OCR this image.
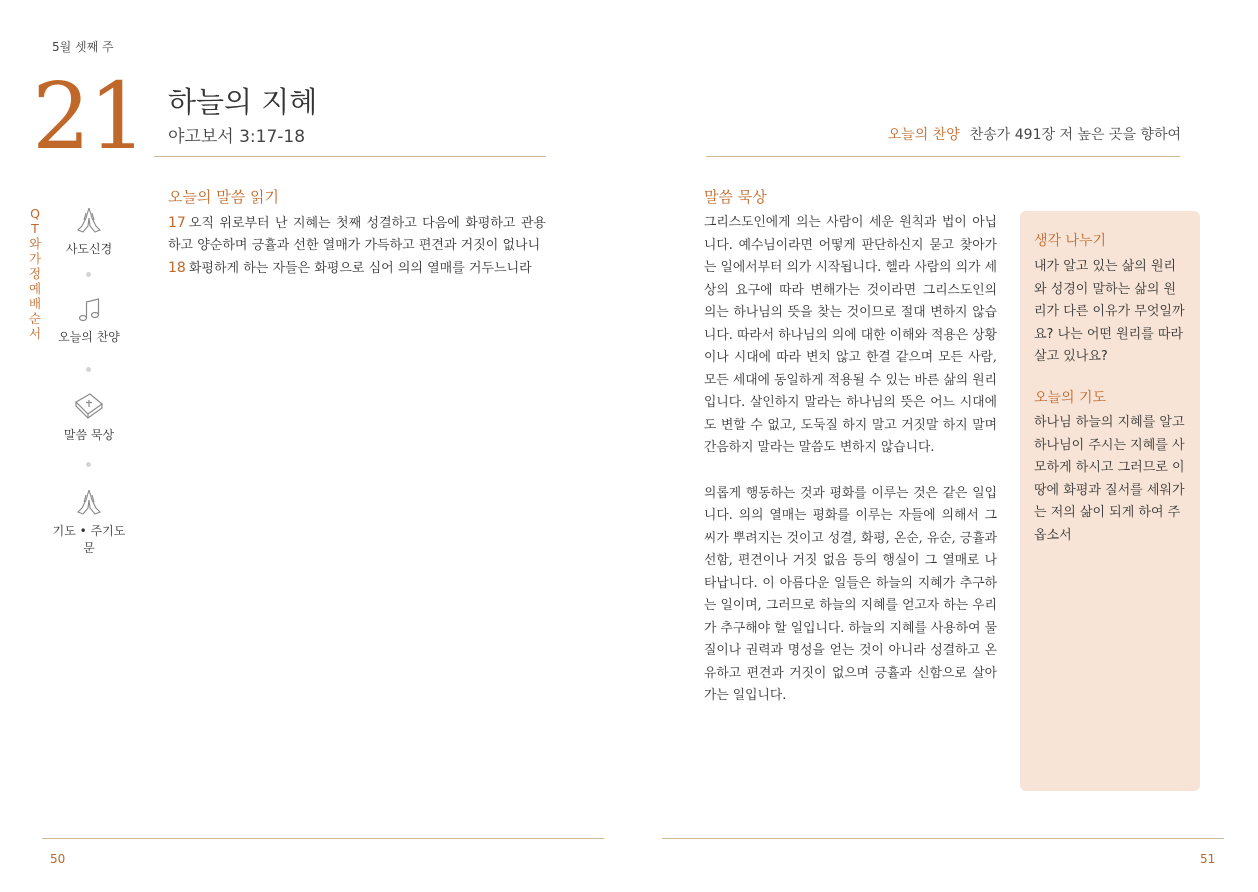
5월 셋째 주
21 하늘의 지혜
야고보서 3:17-18	오늘의 찬양 찬송가 491장 저 높은 곳을 향하여
QT와 가정예배 순서
사도신경
오늘의 찬양
말씀 묵상
기도 • 주기도문
오늘의 말씀 읽기
17 오직 위로부터 난 지혜는 첫째 성결하고 다음에 화평하고 관용하고 양순하며 긍휼과 선한 열매가 가득하고 편견과 거짓이 없나니
18 화평하게 하는 자들은 화평으로 심어 의의 열매를 거두느니라
말씀 묵상

그리스도인에게 의는 사람이 세운 원칙과 법이 아닙니다. 예수님이라면 어떻게 판단하신지 묻고 찾아가는 일에서부터 의가 시작됩니다. 헬라 사람의 의가 세상의 요구에 따라 변해가는 것이라면 그리스도인의 의는 하나님의 뜻을 찾는 것이므로 절대 변하지 않습니다. 따라서 하나님의 의에 대한 이해와 적용은 상황이나 시대에 따라 변치 않고 한결 같으며 모든 사람, 모든 세대에 동일하게 적용될 수 있는 바른 삶의 원리입니다. 살인하지 말라는 하나님의 뜻은 어느 시대에도 변할 수 없고, 도둑질 하지 말고 거짓말 하지 말며 간음하지 말라는 말씀도 변하지 않습니다.

의롭게 행동하는 것과 평화를 이루는 것은 같은 일입니다. 의의 열매는 평화를 이루는 자들에 의해서 그 씨가 뿌려지는 것이고 성결, 화평, 온순, 유순, 긍휼과 선함, 편견이나 거짓 없음 등의 행실이 그 열매로 나타납니다. 이 아름다운 일들은 하늘의 지혜가 추구하는 일이며, 그러므로 하늘의 지혜를 얻고자 하는 우리가 추구해야 할 일입니다. 하늘의 지혜를 사용하여 물질이나 권력과 명성을 얻는 것이 아니라 성결하고 온유하고 편견과 거짓이 없으며 긍휼과 신함으로 살아가는 일입니다.

생각 나누기
내가 알고 있는 삶의 원리와 성경이 말하는 삶의 원리가 다른 이유가 무엇일까요? 나는 어떤 원리를 따라 살고 있나요?
오늘의 기도
하나님 하늘의 지혜를 알고 하나님이 주시는 지혜를 사모하게 하시고 그러므로 이 땅에 화평과 질서를 세워가는 저의 삶이 되게 하여 주옵소서
50	51
